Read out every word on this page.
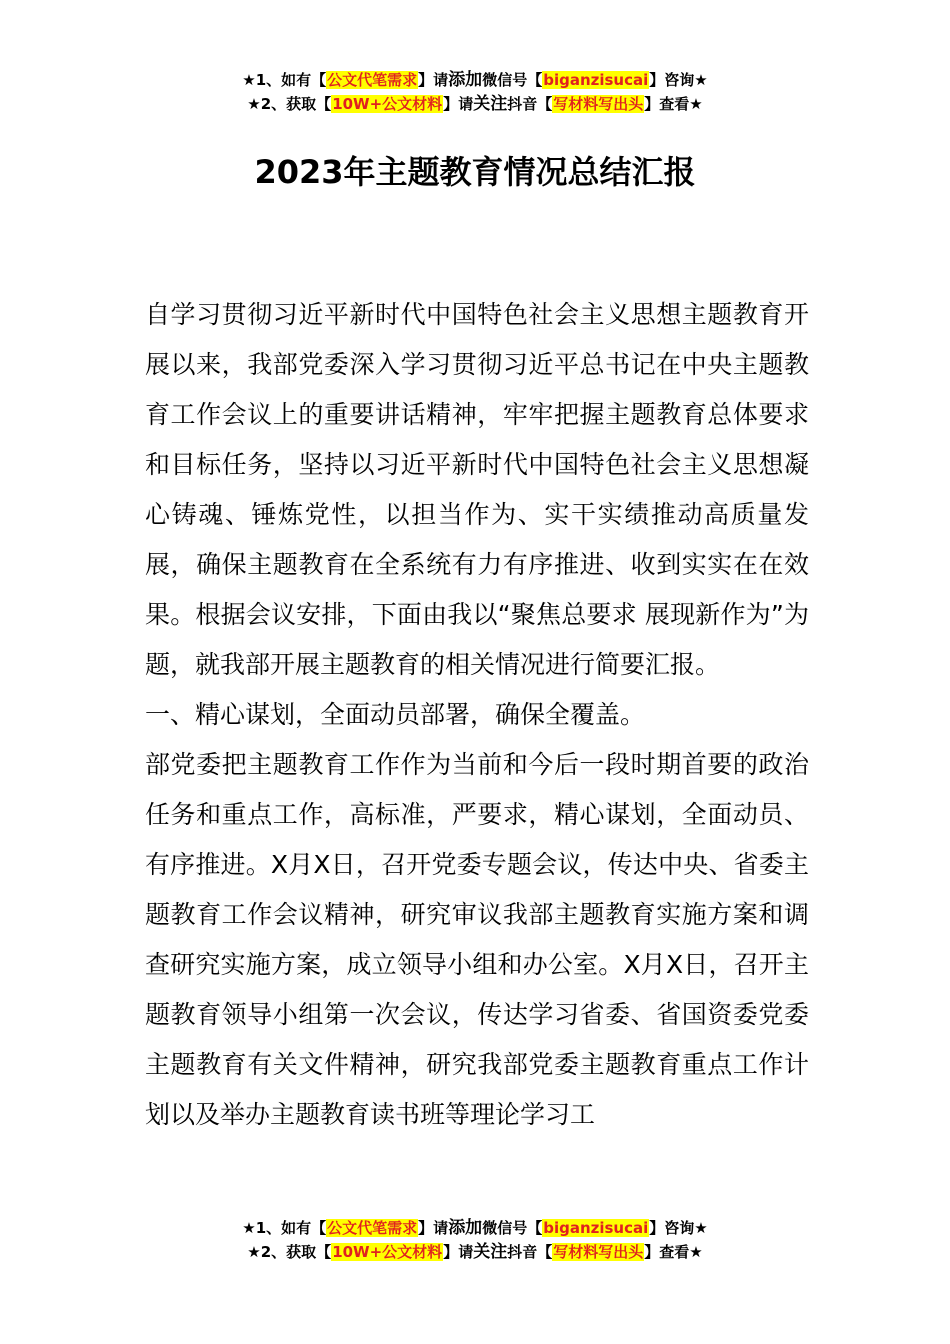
★1、如有【公文代笔需求】请添加微信号【biganzisucai】咨询★
★2、获取【10W+公文材料】请关注抖音【写材料写出头】查看★
2023年主题教育情况总结汇报

自学习贯彻习近平新时代中国特色社会主义思想主题教育开展以来，我部党委深入学习贯彻习近平总书记在中央主题教育工作会议上的重要讲话精神，牢牢把握主题教育总体要求和目标任务，坚持以习近平新时代中国特色社会主义思想凝心铸魂、锤炼党性，以担当作为、实干实绩推动高质量发展，确保主题教育在全系统有力有序推进、收到实实在在效果。根据会议安排，下面由我以“聚焦总要求 展现新作为”为题，就我部开展主题教育的相关情况进行简要汇报。

一、精心谋划，全面动员部署，确保全覆盖。

部党委把主题教育工作作为当前和今后一段时期首要的政治任务和重点工作，高标准，严要求，精心谋划，全面动员、有序推进。X月X日，召开党委专题会议，传达中央、省委主题教育工作会议精神，研究审议我部主题教育实施方案和调查研究实施方案，成立领导小组和办公室。X月X日，召开主题教育领导小组第一次会议，传达学习省委、省国资委党委主题教育有关文件精神，研究我部党委主题教育重点工作计划以及举办主题教育读书班等理论学习工

★1、如有【公文代笔需求】请添加微信号【biganzisucai】咨询★
★2、获取【10W+公文材料】请关注抖音【写材料写出头】查看★
